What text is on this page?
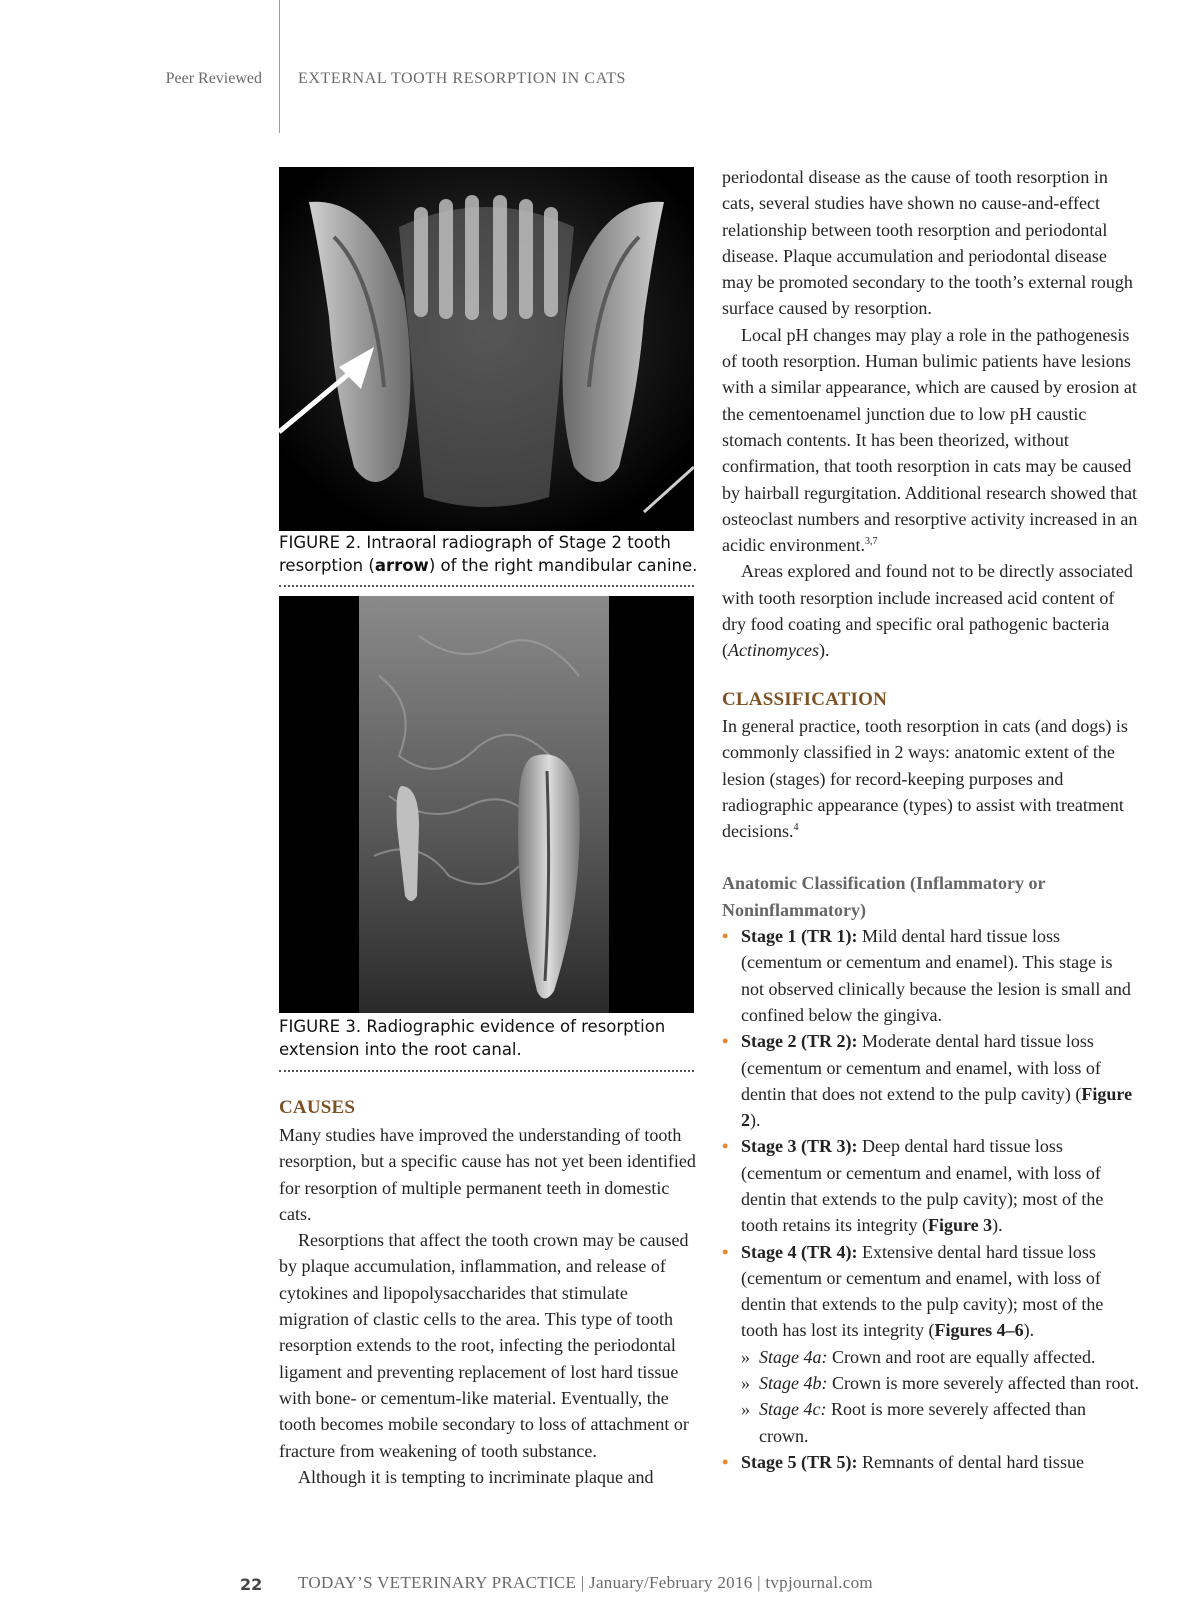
Peer Reviewed EXTERNAL TOOTH RESORPTION IN CATS
FIGURE 2. Intraoral radiograph of Stage 2 tooth resorption (arrow) of the right mandibular canine.
FIGURE 3. Radiographic evidence of resorption extension into the root canal.
CAUSES

Many studies have improved the understanding of tooth resorption, but a specific cause has not yet been identified for resorption of multiple permanent teeth in domestic cats.

Resorptions that affect the tooth crown may be caused by plaque accumulation, inflammation, and release of cytokines and lipopolysaccharides that stimulate migration of clastic cells to the area. This type of tooth resorption extends to the root, infecting the periodontal ligament and preventing replacement of lost hard tissue with bone- or cementum-like material. Eventually, the tooth becomes mobile secondary to loss of attachment or fracture from weakening of tooth substance.

Although it is tempting to incriminate plaque and

periodontal disease as the cause of tooth resorption in cats, several studies have shown no cause-and-effect relationship between tooth resorption and periodontal disease. Plaque accumulation and periodontal disease may be promoted secondary to the tooth’s external rough surface caused by resorption.

Local pH changes may play a role in the pathogenesis of tooth resorption. Human bulimic patients have lesions with a similar appearance, which are caused by erosion at the cementoenamel junction due to low pH caustic stomach contents. It has been theorized, without confirmation, that tooth resorption in cats may be caused by hairball regurgitation. Additional research showed that osteoclast numbers and resorptive activity increased in an acidic environment.$^{3,7}$

Areas explored and found not to be directly associated with tooth resorption include increased acid content of dry food coating and specific oral pathogenic bacteria (Actinomyces).

CLASSIFICATION

In general practice, tooth resorption in cats (and dogs) is commonly classified in 2 ways: anatomic extent of the lesion (stages) for record-keeping purposes and radiographic appearance (types) to assist with treatment decisions.$^4$

Anatomic Classification (Inflammatory or Noninflammatory)
• Stage 1 (TR 1): Mild dental hard tissue loss (cementum or cementum and enamel). This stage is not observed clinically because the lesion is small and confined below the gingiva.
• Stage 2 (TR 2): Moderate dental hard tissue loss (cementum or cementum and enamel, with loss of dentin that does not extend to the pulp cavity) (Figure 2).
• Stage 3 (TR 3): Deep dental hard tissue loss (cementum or cementum and enamel, with loss of dentin that extends to the pulp cavity); most of the tooth retains its integrity (Figure 3).
• Stage 4 (TR 4): Extensive dental hard tissue loss (cementum or cementum and enamel, with loss of dentin that extends to the pulp cavity); most of the tooth has lost its integrity (Figures 4–6).
» Stage 4a: Crown and root are equally affected.
» Stage 4b: Crown is more severely affected than root.
» Stage 4c: Root is more severely affected than crown.
• Stage 5 (TR 5): Remnants of dental hard tissue
22 TODAY’S VETERINARY PRACTICE | January/February 2016 | tvpjournal.com
